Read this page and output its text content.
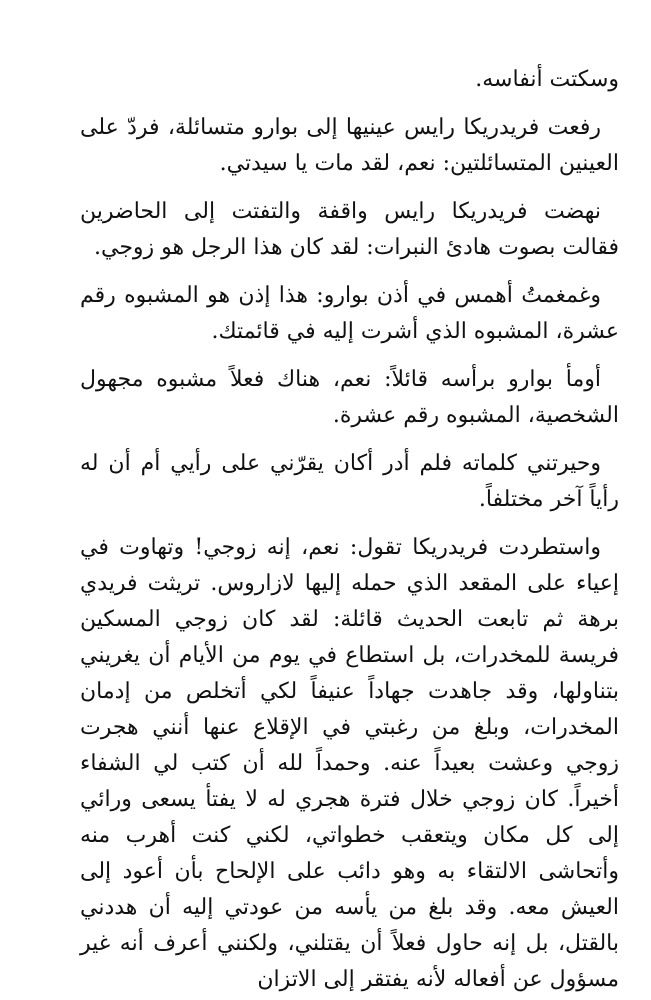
وسكتت أنفاسه.

رفعت فريدريكا رايس عينيها إلى بوارو متسائلة، فردّ على العينين المتسائلتين: نعم، لقد مات يا سيدتي.

نهضت فريدريكا رايس واقفة والتفتت إلى الحاضرين فقالت بصوت هادئ النبرات: لقد كان هذا الرجل هو زوجي.

وغمغمتُ أهمس في أذن بوارو: هذا إذن هو المشبوه رقم عشرة، المشبوه الذي أشرت إليه في قائمتك.

أومأ بوارو برأسه قائلاً: نعم، هناك فعلاً مشبوه مجهول الشخصية، المشبوه رقم عشرة.

وحيرتني كلماته فلم أدر أكان يقرّني على رأيي أم أن له رأياً آخر مختلفاً.

واستطردت فريدريكا تقول: نعم، إنه زوجي! وتهاوت في إعياء على المقعد الذي حمله إليها لازاروس. تريثت فريدي برهة ثم تابعت الحديث قائلة: لقد كان زوجي المسكين فريسة للمخدرات، بل استطاع في يوم من الأيام أن يغريني بتناولها، وقد جاهدت جهاداً عنيفاً لكي أتخلص من إدمان المخدرات، وبلغ من رغبتي في الإقلاع عنها أنني هجرت زوجي وعشت بعيداً عنه. وحمداً لله أن كتب لي الشفاء أخيراً. كان زوجي خلال فترة هجري له لا يفتأ يسعى ورائي إلى كل مكان ويتعقب خطواتي، لكني كنت أهرب منه وأتحاشى الالتقاء به وهو دائب على الإلحاح بأن أعود إلى العيش معه. وقد بلغ من يأسه من عودتي إليه أن هددني بالقتل، بل إنه حاول فعلاً أن يقتلني، ولكنني أعرف أنه غير مسؤول عن أفعاله لأنه يفتقر إلى الاتزان
